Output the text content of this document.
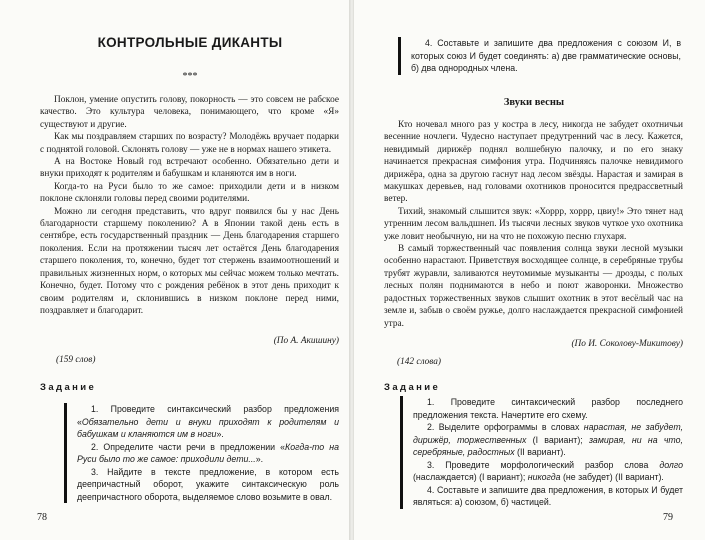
КОНТРОЛЬНЫЕ ДИКАНТЫ
***

Поклон, умение опустить голову, покорность — это совсем не рабское качество. Это культура человека, понимающего, что кроме «Я» существуют и другие.

Как мы поздравляем старших по возрасту? Молодёжь вручает подарки с поднятой головой. Склонять голову — уже не в нормах нашего этикета.

А на Востоке Новый год встречают особенно. Обязательно дети и внуки приходят к родителям и бабушкам и кланяются им в ноги.

Когда-то на Руси было то же самое: приходили дети и в низком поклоне склоняли головы перед своими родителями.

Можно ли сегодня представить, что вдруг появился бы у нас День благодарности старшему поколению? А в Японии такой день есть в сентябре, есть государственный праздник — День благодарения старшего поколения. Если на протяжении тысяч лет остаётся День благодарения старшего поколения, то, конечно, будет тот стержень взаимоотношений и правильных жизненных норм, о которых мы сейчас можем только мечтать. Конечно, будет. Потому что с рождения ребёнок в этот день приходит к своим родителям и, склонившись в низком поклоне перед ними, поздравляет и благодарит.

(По А. Акишину)
(159 слов)
Задание

1. Проведите синтаксический разбор предложения «Обязательно дети и внуки приходят к родителям и бабушкам и кланяются им в ноги».

2. Определите части речи в предложении «Когда-то на Руси было то же самое: приходили дети...».

3. Найдите в тексте предложение, в котором есть деепричастный оборот, укажите синтаксическую роль деепричастного оборота, выделяемое слово возьмите в овал.

78

4. Составьте и запишите два предложения с союзом И, в которых союз И будет соединять: а) две грамматические основы, б) два однородных члена.

Звуки весны

Кто ночевал много раз у костра в лесу, никогда не забудет охотничьи весенние ночлеги. Чудесно наступает предутренний час в лесу. Кажется, невидимый дирижёр поднял волшебную палочку, и по его знаку начинается прекрасная симфония утра. Подчиняясь палочке невидимого дирижёра, одна за другою гаснут над лесом звёзды. Нарастая и замирая в макушках деревьев, над головами охотников проносится предрассветный ветер.

Тихий, знакомый слышится звук: «Хоррр, хоррр, цвиу!» Это тянет над утренним лесом вальдшнеп. Из тысячи лесных звуков чуткое ухо охотника уже ловит необычную, ни на что не похожую песню глухаря.

В самый торжественный час появления солнца звуки лесной музыки особенно нарастают. Приветствуя восходящее солнце, в серебряные трубы трубят журавли, заливаются неутомимые музыканты — дрозды, с полых лесных полян поднимаются в небо и поют жаворонки. Множество радостных торжественных звуков слышит охотник в этот весёлый час на земле и, забыв о своём ружье, долго наслаждается прекрасной симфонией утра.

(По И. Соколову-Микитову)
(142 слова)
Задание

1. Проведите синтаксический разбор последнего предложения текста. Начертите его схему.

2. Выделите орфограммы в словах нарастая, не забудет, дирижёр, торжественных (I вариант); замирая, ни на что, серебряные, радостных (II вариант).

3. Проведите морфологический разбор слова долго (наслаждается) (I вариант); никогда (не забудет) (II вариант).

4. Составьте и запишите два предложения, в которых И будет являться: а) союзом, б) частицей.

79
